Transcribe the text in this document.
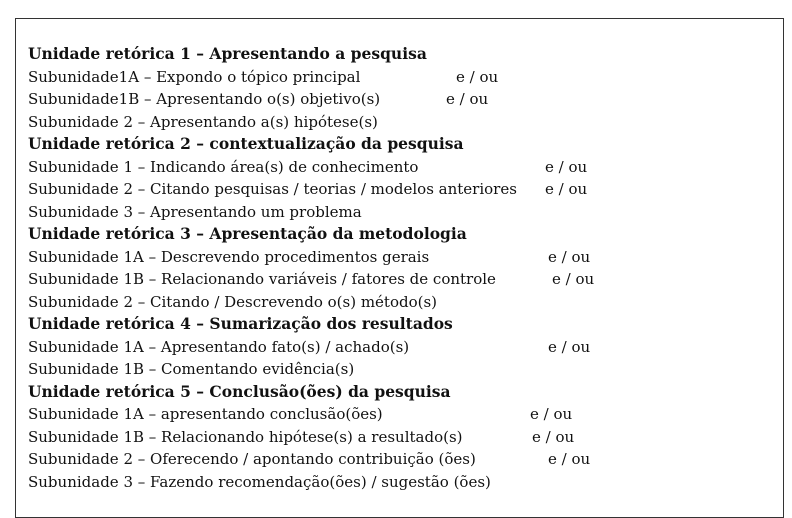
Unidade retórica 1 – Apresentando a pesquisa
Subunidade1A – Expondo o tópico principal	e / ou
Subunidade1B – Apresentando o(s) objetivo(s)	e / ou
Subunidade 2 – Apresentando a(s) hipótese(s)
Unidade retórica 2 – contextualização da pesquisa
Subunidade 1 – Indicando área(s) de conhecimento	e / ou
Subunidade 2 – Citando pesquisas / teorias / modelos anteriores e / ou
Subunidade 3 – Apresentando um problema
Unidade retórica 3 – Apresentação da metodologia
Subunidade 1A – Descrevendo procedimentos gerais	e / ou
Subunidade 1B – Relacionando variáveis / fatores de controle	e / ou
Subunidade 2 – Citando / Descrevendo o(s) método(s)
Unidade retórica 4 – Sumarização dos resultados
Subunidade 1A – Apresentando fato(s) / achado(s)	e / ou
Subunidade 1B – Comentando evidência(s)
Unidade retórica 5 – Conclusão(ões) da pesquisa
Subunidade 1A – apresentando conclusão(ões)	e / ou
Subunidade 1B – Relacionando hipótese(s) a resultado(s)	e / ou
Subunidade 2 – Oferecendo / apontando contribuição (ões)	e / ou
Subunidade 3 – Fazendo recomendação(ões) / sugestão (ões)
